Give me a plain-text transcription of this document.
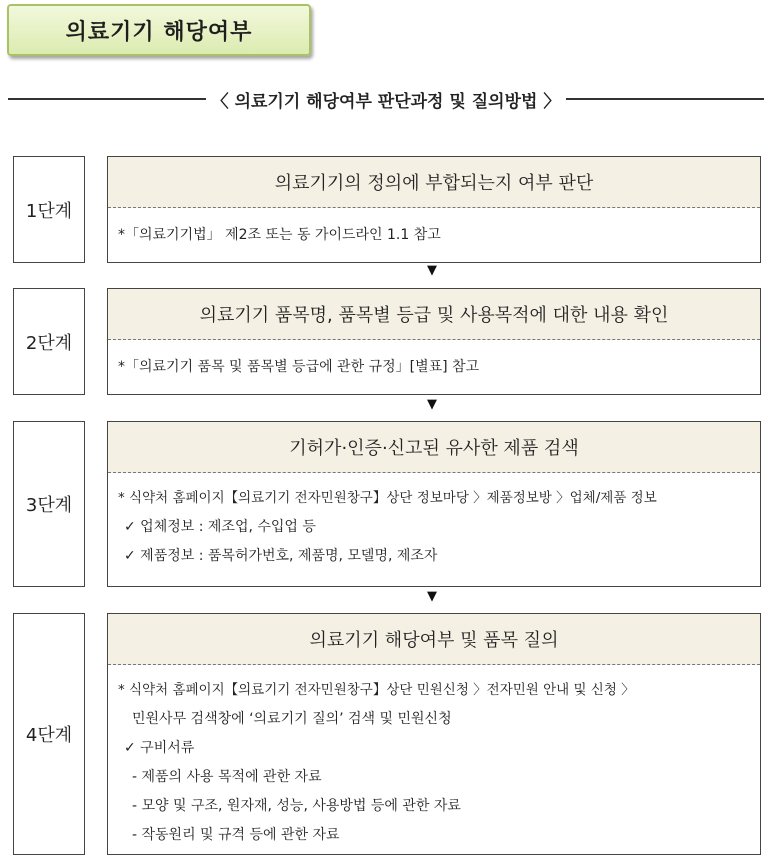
의료기기 해당여부
〈 의료기기 해당여부 판단과정 및 질의방법 〉
1단계
의료기기의 정의에 부합되는지 여부 판단
*「의료기기법」 제2조 또는 동 가이드라인 1.1 참고
▼
2단계
의료기기 품목명, 품목별 등급 및 사용목적에 대한 내용 확인
*「의료기기 품목 및 품목별 등급에 관한 규정」[별표] 참고
▼
3단계
기허가·인증·신고된 유사한 제품 검색
* 식약처 홈페이지【의료기기 전자민원창구】상단 정보마당 〉제품정보방 〉업체/제품 정보
✓ 업체정보 : 제조업, 수입업 등
✓ 제품정보 : 품목허가번호, 제품명, 모델명, 제조자
▼
4단계
의료기기 해당여부 및 품목 질의
* 식약처 홈페이지【의료기기 전자민원창구】상단 민원신청 〉전자민원 안내 및 신청 〉
민원사무 검색창에 ‘의료기기 질의’ 검색 및 민원신청
✓ 구비서류
- 제품의 사용 목적에 관한 자료
- 모양 및 구조, 원자재, 성능, 사용방법 등에 관한 자료
- 작동원리 및 규격 등에 관한 자료
